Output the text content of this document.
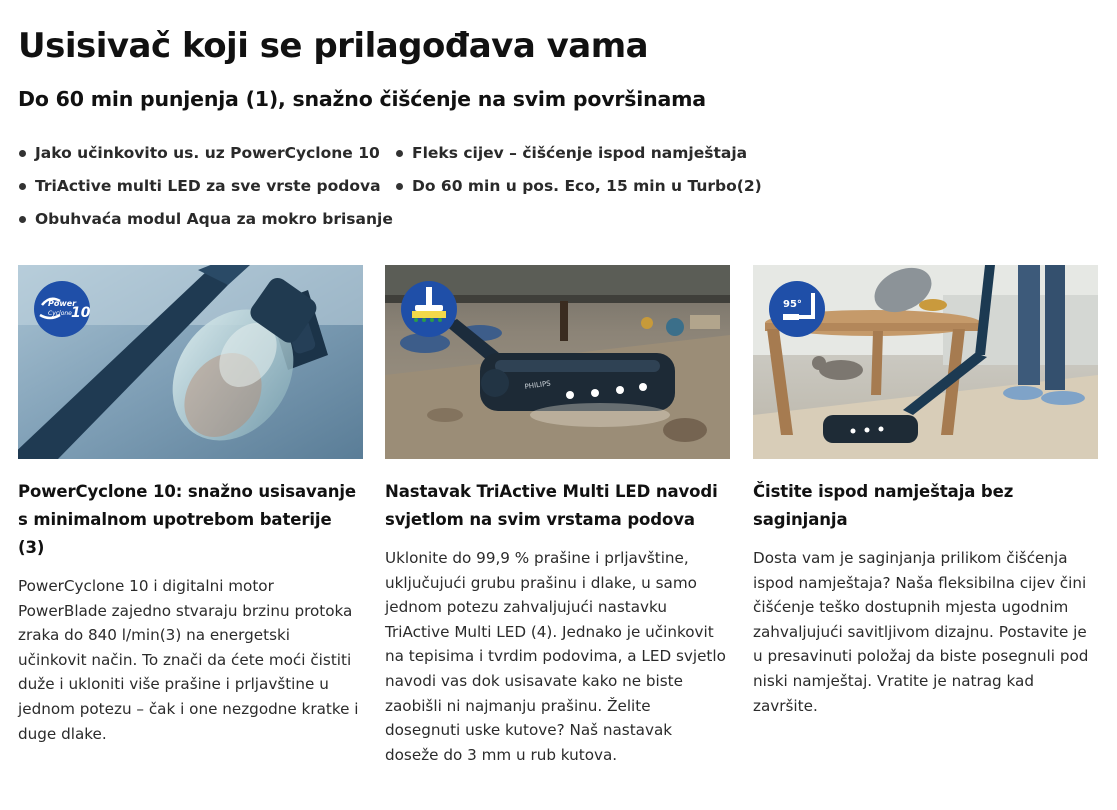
Usisivač koji se prilagođava vama
Do 60 min punjenja (1), snažno čišćenje na svim površinama
Jako učinkovito us. uz PowerCyclone 10
TriActive multi LED za sve vrste podova
Obuhvaća modul Aqua za mokro brisanje
Fleks cijev – čišćenje ispod namještaja
Do 60 min u pos. Eco, 15 min u Turbo(2)
Power
Cyclone 10
PowerCyclone 10: snažno usisavanje s minimalnom upotrebom baterije (3)

PowerCyclone 10 i digitalni motor PowerBlade zajedno stvaraju brzinu protoka zraka do 840 l/min(3) na energetski učinkovit način. To znači da ćete moći čistiti duže i ukloniti više prašine i prljavštine u jednom potezu – čak i one nezgodne kratke i duge dlake.

PHILIPS
Nastavak TriActive Multi LED navodi svjetlom na svim vrstama podova

Uklonite do 99,9 % prašine i prljavštine, uključujući grubu prašinu i dlake, u samo jednom potezu zahvaljujući nastavku TriActive Multi LED (4). Jednako je učinkovit na tepisima i tvrdim podovima, a LED svjetlo navodi vas dok usisavate kako ne biste zaobišli ni najmanju prašinu. Želite dosegnuti uske kutove? Naš nastavak doseže do 3 mm u rub kutova.

95°
Čistite ispod namještaja bez saginjanja

Dosta vam je saginjanja prilikom čišćenja ispod namještaja? Naša fleksibilna cijev čini čišćenje teško dostupnih mjesta ugodnim zahvaljujući savitljivom dizajnu. Postavite je u presavinuti položaj da biste posegnuli pod niski namještaj. Vratite je natrag kad završite.
